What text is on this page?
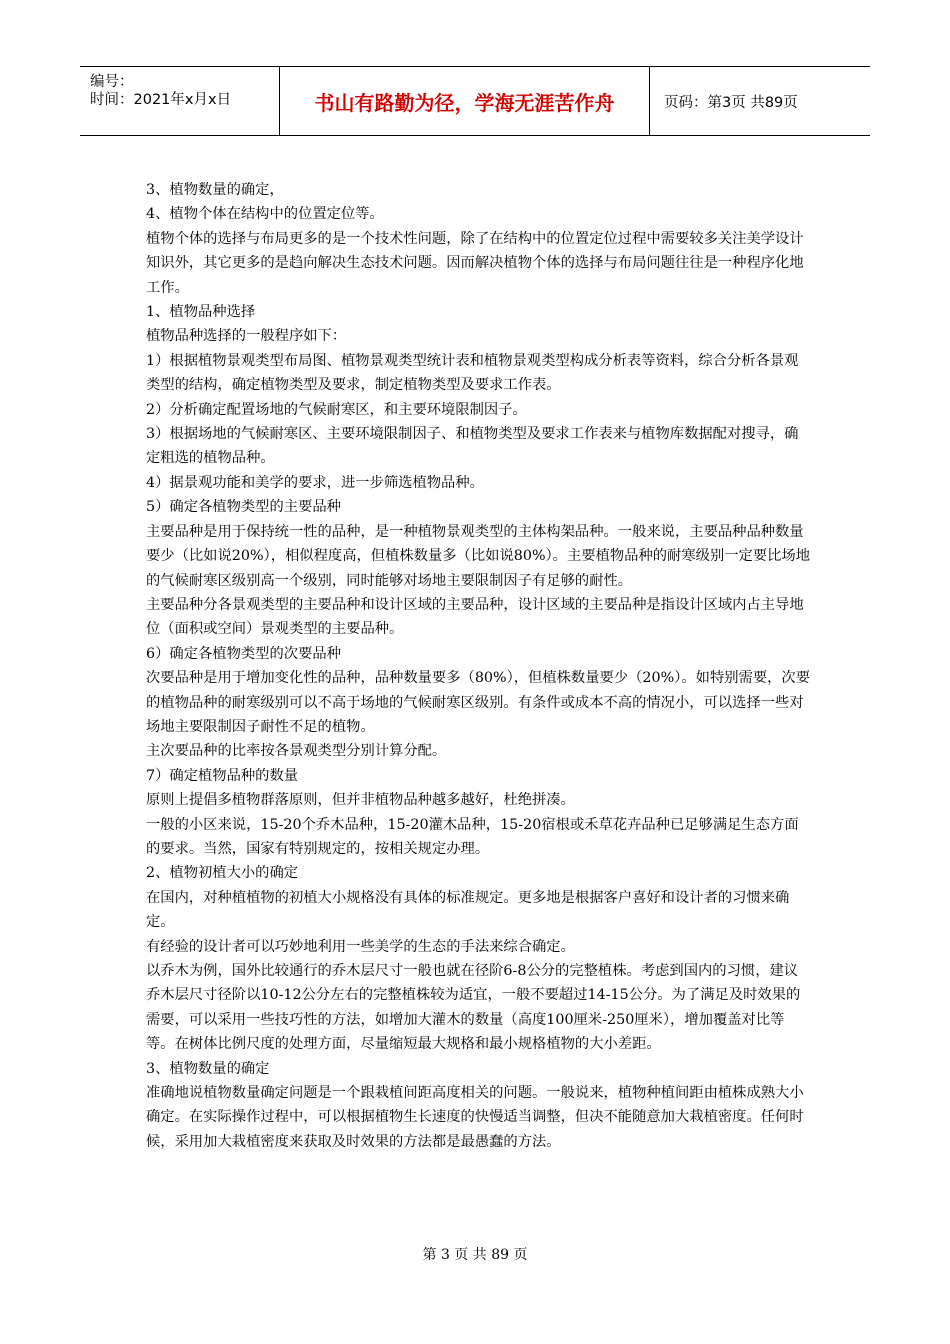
编号：
时间：2021年x月x日	书山有路勤为径，学海无涯苦作舟	页码：第3页 共89页

3、植物数量的确定，

4、植物个体在结构中的位置定位等。

植物个体的选择与布局更多的是一个技术性问题，除了在结构中的位置定位过程中需要较多关注美学设计知识外，其它更多的是趋向解决生态技术问题。因而解决植物个体的选择与布局问题往往是一种程序化地工作。

1、植物品种选择

植物品种选择的一般程序如下：

1）根据植物景观类型布局图、植物景观类型统计表和植物景观类型构成分析表等资料，综合分析各景观类型的结构，确定植物类型及要求，制定植物类型及要求工作表。

2）分析确定配置场地的气候耐寒区，和主要环境限制因子。

3）根据场地的气候耐寒区、主要环境限制因子、和植物类型及要求工作表来与植物库数据配对搜寻，确定粗选的植物品种。

4）据景观功能和美学的要求，进一步筛选植物品种。

5）确定各植物类型的主要品种

主要品种是用于保持统一性的品种，是一种植物景观类型的主体构架品种。一般来说，主要品种品种数量要少（比如说20%），相似程度高，但植株数量多（比如说80%）。主要植物品种的耐寒级别一定要比场地的气候耐寒区级别高一个级别，同时能够对场地主要限制因子有足够的耐性。

主要品种分各景观类型的主要品种和设计区域的主要品种，设计区域的主要品种是指设计区域内占主导地位（面积或空间）景观类型的主要品种。

6）确定各植物类型的次要品种

次要品种是用于增加变化性的品种，品种数量要多（80%），但植株数量要少（20%）。如特别需要，次要的植物品种的耐寒级别可以不高于场地的气候耐寒区级别。有条件或成本不高的情况小，可以选择一些对场地主要限制因子耐性不足的植物。

主次要品种的比率按各景观类型分别计算分配。

7）确定植物品种的数量

原则上提倡多植物群落原则，但并非植物品种越多越好，杜绝拼凑。

一般的小区来说，15-20个乔木品种，15-20灌木品种，15-20宿根或禾草花卉品种已足够满足生态方面的要求。当然，国家有特别规定的，按相关规定办理。

2、植物初植大小的确定

在国内，对种植植物的初植大小规格没有具体的标准规定。更多地是根据客户喜好和设计者的习惯来确定。

有经验的设计者可以巧妙地利用一些美学的生态的手法来综合确定。

以乔木为例，国外比较通行的乔木层尺寸一般也就在径阶6-8公分的完整植株。考虑到国内的习惯，建议乔木层尺寸径阶以10-12公分左右的完整植株较为适宜，一般不要超过14-15公分。为了满足及时效果的需要，可以采用一些技巧性的方法，如增加大灌木的数量（高度100厘米-250厘米），增加覆盖对比等等。在树体比例尺度的处理方面，尽量缩短最大规格和最小规格植物的大小差距。

3、植物数量的确定

准确地说植物数量确定问题是一个跟栽植间距高度相关的问题。一般说来，植物种植间距由植株成熟大小确定。在实际操作过程中，可以根据植物生长速度的快慢适当调整，但决不能随意加大栽植密度。任何时候，采用加大栽植密度来获取及时效果的方法都是最愚蠢的方法。

第 3 页 共 89 页
